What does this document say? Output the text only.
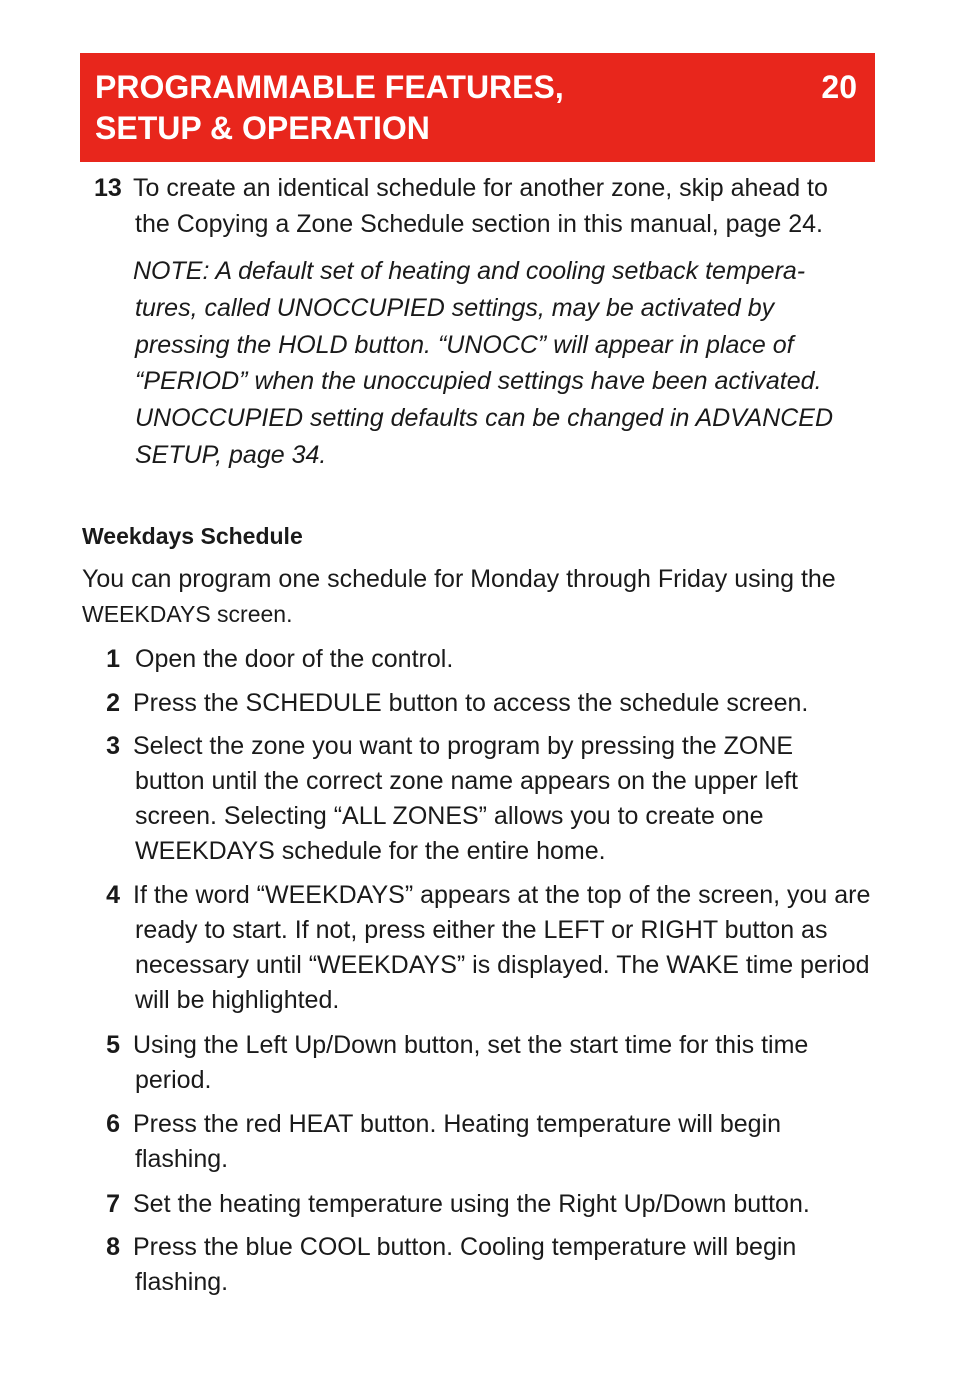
PROGRAMMABLE FEATURES,
SETUP & OPERATION
20
13 To create an identical schedule for another zone, skip ahead to
the Copying a Zone Schedule section in this manual, page 24.
NOTE: A default set of heating and cooling setback tempera-
tures, called UNOCCUPIED settings, may be activated by
pressing the HOLD button. “UNOCC” will appear in place of
“PERIOD” when the unoccupied settings have been activated.
UNOCCUPIED setting defaults can be changed in ADVANCED
SETUP, page 34.
Weekdays Schedule
You can program one schedule for Monday through Friday using the
WEEKDAYS screen.
1 Open the door of the control.
2 Press the SCHEDULE button to access the schedule screen.
3 Select the zone you want to program by pressing the ZONE
button until the correct zone name appears on the upper left
screen. Selecting “ALL ZONES” allows you to create one
WEEKDAYS schedule for the entire home.
4 If the word “WEEKDAYS” appears at the top of the screen, you are
ready to start. If not, press either the LEFT or RIGHT button as
necessary until “WEEKDAYS” is displayed. The WAKE time period
will be highlighted.
5 Using the Left Up/Down button, set the start time for this time
period.
6 Press the red HEAT button. Heating temperature will begin
flashing.
7 Set the heating temperature using the Right Up/Down button.
8 Press the blue COOL button. Cooling temperature will begin
flashing.
